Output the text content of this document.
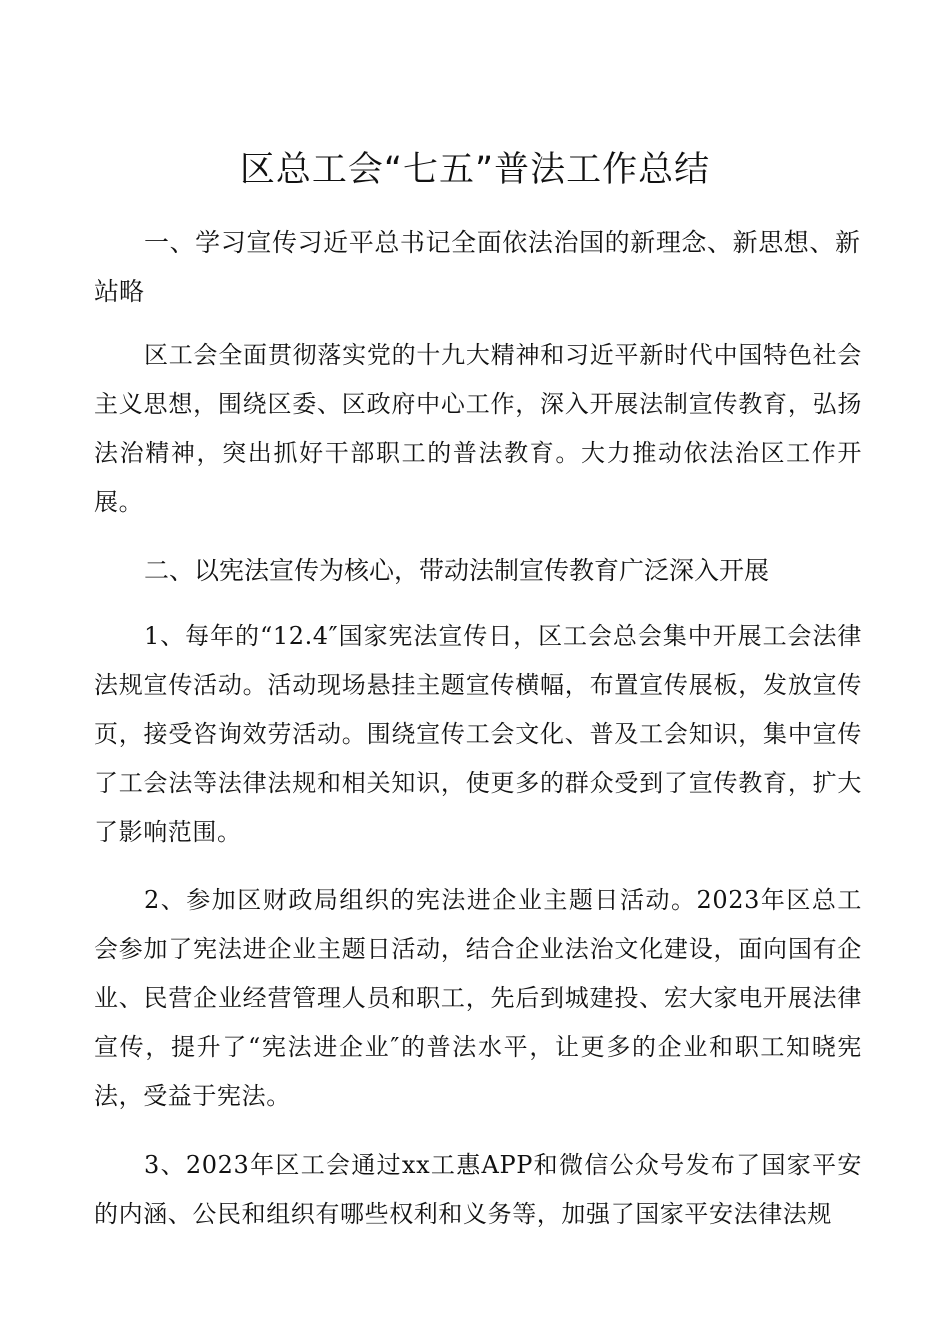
区总工会“七五”普法工作总结

一、学习宣传习近平总书记全面依法治国的新理念、新思想、新站略

区工会全面贯彻落实党的十九大精神和习近平新时代中国特色社会主义思想，围绕区委、区政府中心工作，深入开展法制宣传教育，弘扬法治精神，突出抓好干部职工的普法教育。大力推动依法治区工作开展。

二、以宪法宣传为核心，带动法制宣传教育广泛深入开展

1、每年的“12.4″国家宪法宣传日，区工会总会集中开展工会法律法规宣传活动。活动现场悬挂主题宣传横幅，布置宣传展板，发放宣传页，接受咨询效劳活动。围绕宣传工会文化、普及工会知识，集中宣传了工会法等法律法规和相关知识，使更多的群众受到了宣传教育，扩大了影响范围。

2、参加区财政局组织的宪法进企业主题日活动。2023年区总工会参加了宪法进企业主题日活动，结合企业法治文化建设，面向国有企业、民营企业经营管理人员和职工，先后到城建投、宏大家电开展法律宣传，提升了“宪法进企业″的普法水平，让更多的企业和职工知晓宪法，受益于宪法。

3、2023年区工会通过xx工惠APP和微信公众号发布了国家平安的内涵、公民和组织有哪些权利和义务等，加强了国家平安法律法规
